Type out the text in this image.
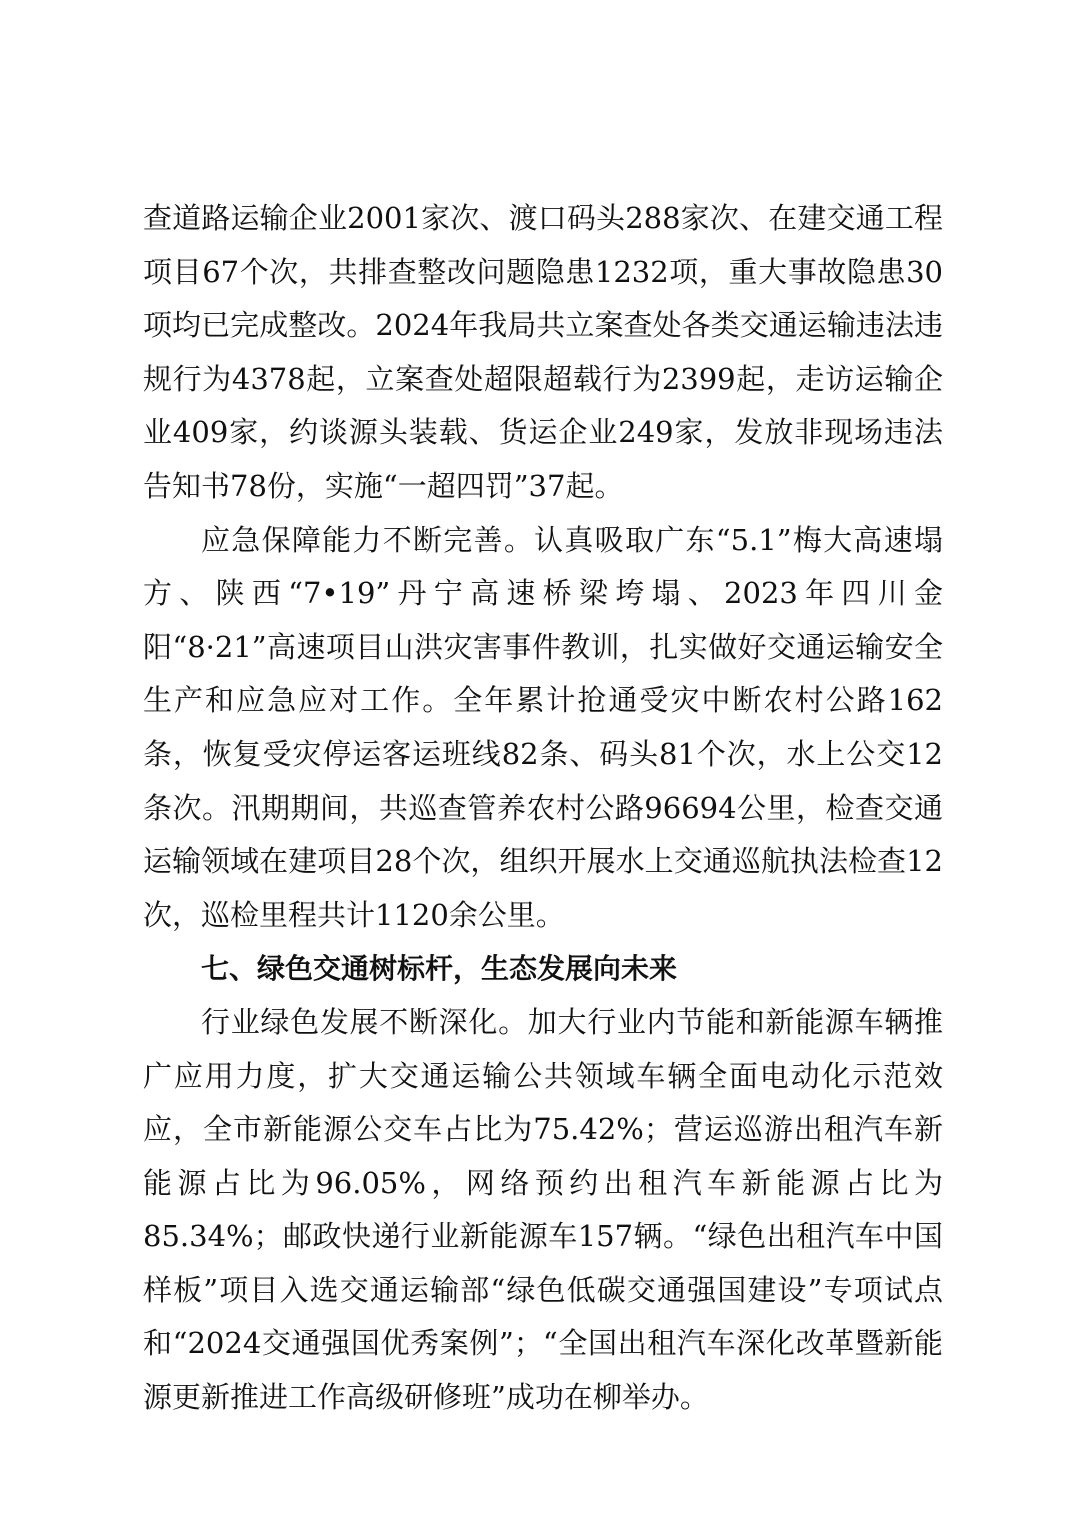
查道路运输企业2001家次、渡口码头288家次、在建交通工程项目67个次，共排查整改问题隐患1232项，重大事故隐患30项均已完成整改。2024年我局共立案查处各类交通运输违法违规行为4378起，立案查处超限超载行为2399起，走访运输企业409家，约谈源头装载、货运企业249家，发放非现场违法告知书78份，实施“一超四罚”37起。

应急保障能力不断完善。认真吸取广东“5.1”梅大高速塌方、陕西“7•19”丹宁高速桥梁垮塌、2023年四川金阳“8·21”高速项目山洪灾害事件教训，扎实做好交通运输安全生产和应急应对工作。全年累计抢通受灾中断农村公路162条，恢复受灾停运客运班线82条、码头81个次，水上公交12条次。汛期期间，共巡查管养农村公路96694公里，检查交通运输领域在建项目28个次，组织开展水上交通巡航执法检查12次，巡检里程共计1120余公里。

七、绿色交通树标杆，生态发展向未来

行业绿色发展不断深化。加大行业内节能和新能源车辆推广应用力度，扩大交通运输公共领域车辆全面电动化示范效应，全市新能源公交车占比为75.42%；营运巡游出租汽车新能源占比为96.05%，网络预约出租汽车新能源占比为85.34%；邮政快递行业新能源车157辆。“绿色出租汽车中国样板”项目入选交通运输部“绿色低碳交通强国建设”专项试点和“2024交通强国优秀案例”；“全国出租汽车深化改革暨新能源更新推进工作高级研修班”成功在柳举办。
